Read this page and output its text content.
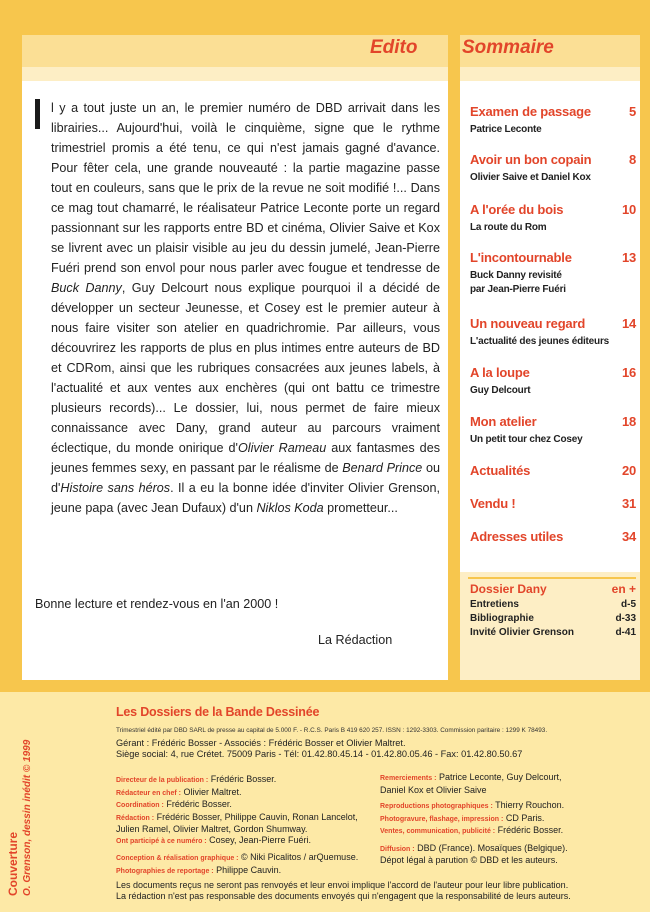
Edito Sommaire

l y a tout juste un an, le premier numéro de DBD arrivait dans les librairies... Aujourd'hui, voilà le cinquième, signe que le rythme trimestriel promis a été tenu, ce qui n'est jamais gagné d'avance. Pour fêter cela, une grande nouveauté : la partie magazine passe tout en couleurs, sans que le prix de la revue ne soit modifié !... Dans ce mag tout chamarré, le réalisateur Patrice Leconte porte un regard passionnant sur les rapports entre BD et cinéma, Olivier Saive et Kox se livrent avec un plaisir visible au jeu du dessin jumelé, Jean-Pierre Fuéri prend son envol pour nous parler avec fougue et tendresse de Buck Danny, Guy Delcourt nous explique pourquoi il a décidé de développer un secteur Jeunesse, et Cosey est le premier auteur à nous faire visiter son atelier en quadrichromie. Par ailleurs, vous découvrirez les rapports de plus en plus intimes entre auteurs de BD et CDRom, ainsi que les rubriques consacrées aux jeunes labels, à l'actualité et aux ventes aux enchères (qui ont battu ce trimestre plusieurs records)... Le dossier, lui, nous permet de faire mieux connaissance avec Dany, grand auteur au parcours vraiment éclectique, du monde onirique d'Olivier Rameau aux fantasmes des jeunes femmes sexy, en passant par le réalisme de Benard Prince ou d'Histoire sans héros. Il a eu la bonne idée d'inviter Olivier Grenson, jeune papa (avec Jean Dufaux) d'un Niklos Koda prometteur...

Bonne lecture et rendez-vous en l'an 2000 !
La Rédaction
Examen de passage	5
Patrice Leconte
Avoir un bon copain	8
Olivier Saive et Daniel Kox
A l'orée du bois	10
La route du Rom
L'incontournable	13
Buck Danny revisité
par Jean-Pierre Fuéri
Un nouveau regard	14
L'actualité des jeunes éditeurs
A la loupe	16
Guy Delcourt
Mon atelier	18
Un petit tour chez Cosey
Actualités	20
Vendu !	31
Adresses utiles	34
Dossier Dany	en +
Entretiens	d-5
Bibliographie	d-33
Invité Olivier Grenson	d-41
Couverture O. Grenson, dessin inédit © 1999
Les Dossiers de la Bande Dessinée
Trimestriel édité par DBD SARL de presse au capital de 5.000 F. - R.C.S. Paris B 419 620 257. ISSN : 1292-3303. Commission paritaire : 1299 K 78493.
Gérant : Frédéric Bosser - Associés : Frédéric Bosser et Olivier Maltret.
Siège social: 4, rue Crétet. 75009 Paris - Tél: 01.42.80.45.14 - 01.42.80.05.46 - Fax: 01.42.80.50.67
Directeur de la publication : Frédéric Bosser.
Rédacteur en chef : Olivier Maltret.
Coordination : Frédéric Bosser.
Rédaction : Frédéric Bosser, Philippe Cauvin, Ronan Lancelot,
Julien Ramel, Olivier Maltret, Gordon Shumway.
Ont participé à ce numéro : Cosey, Jean-Pierre Fuéri.
Conception & réalisation graphique : © Niki Picalitos / arQuemuse.
Photographies de reportage : Philippe Cauvin.
Remerciements : Patrice Leconte, Guy Delcourt,
Daniel Kox et Olivier Saive
Reproductions photographiques : Thierry Rouchon.
Photogravure, flashage, impression : CD Paris.
Ventes, communication, publicité : Frédéric Bosser.
Diffusion : DBD (France). Mosaïques (Belgique).
Dépot légal à parution © DBD et les auteurs.
Les documents reçus ne seront pas renvoyés et leur envoi implique l'accord de l'auteur pour leur libre publication.
La rédaction n'est pas responsable des documents envoyés qui n'engagent que la responsabilité de leurs auteurs.
